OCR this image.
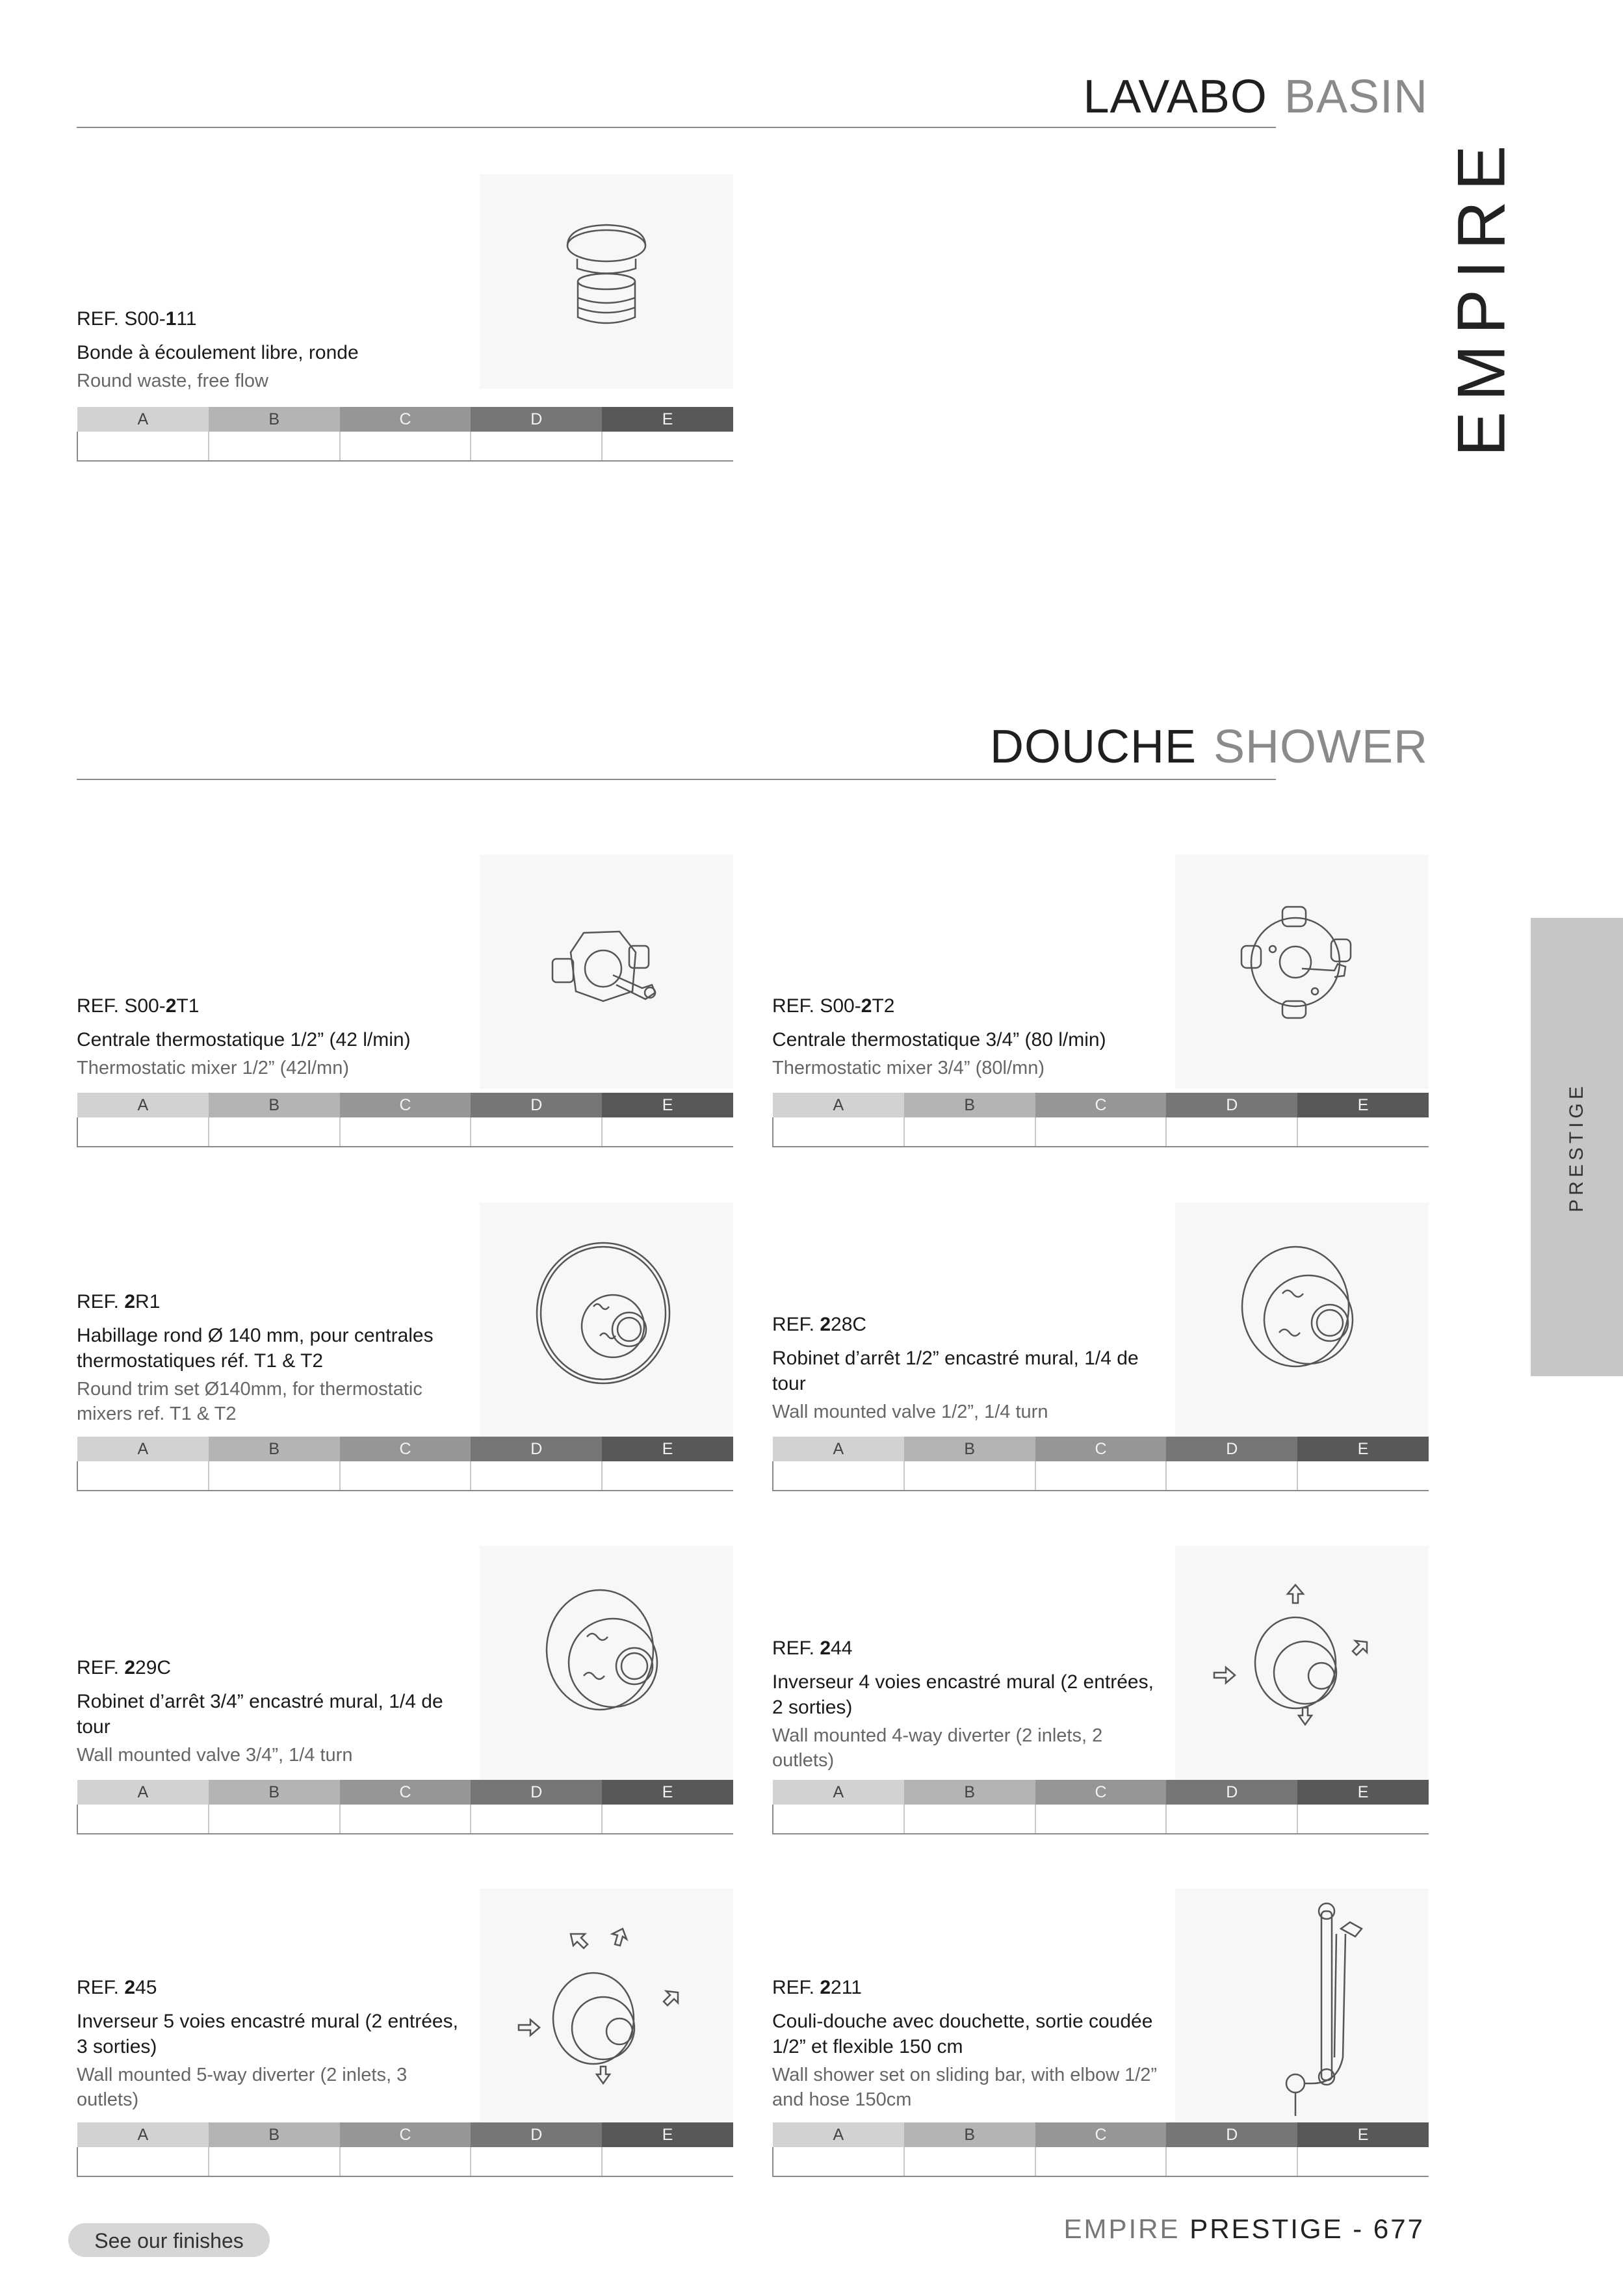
LAVABO BASIN
DOUCHE SHOWER
EMPIRE
PRESTIGE

REF. S00-111

Bonde à écoulement libre, ronde

Round waste, free flow

A	B	C	D	E

REF. S00-2T1

Centrale thermostatique 1/2” (42 l/min)

Thermostatic mixer 1/2” (42l/mn)

A	B	C	D	E

REF. S00-2T2

Centrale thermostatique 3/4” (80 l/min)

Thermostatic mixer 3/4” (80l/mn)

A	B	C	D	E

REF. 2R1

Habillage rond Ø 140 mm, pour centrales thermostatiques réf. T1 & T2

Round trim set Ø140mm, for thermostatic mixers ref. T1 & T2

A	B	C	D	E

REF. 228C

Robinet d’arrêt 1/2” encastré mural, 1/4 de tour

Wall mounted valve 1/2”, 1/4 turn

A	B	C	D	E

REF. 229C

Robinet d’arrêt 3/4” encastré mural, 1/4 de tour

Wall mounted valve 3/4”, 1/4 turn

A	B	C	D	E

REF. 244

Inverseur 4 voies encastré mural (2 entrées, 2 sorties)

Wall mounted 4-way diverter (2 inlets, 2 outlets)

A	B	C	D	E

REF. 245

Inverseur 5 voies encastré mural (2 entrées, 3 sorties)

Wall mounted 5-way diverter (2 inlets, 3 outlets)

A	B	C	D	E

REF. 2211

Couli-douche avec douchette, sortie coudée 1/2” et flexible 150 cm

Wall shower set on sliding bar, with elbow 1/2” and hose 150cm

A	B	C	D	E

See our finishes	EMPIRE PRESTIGE - 677
